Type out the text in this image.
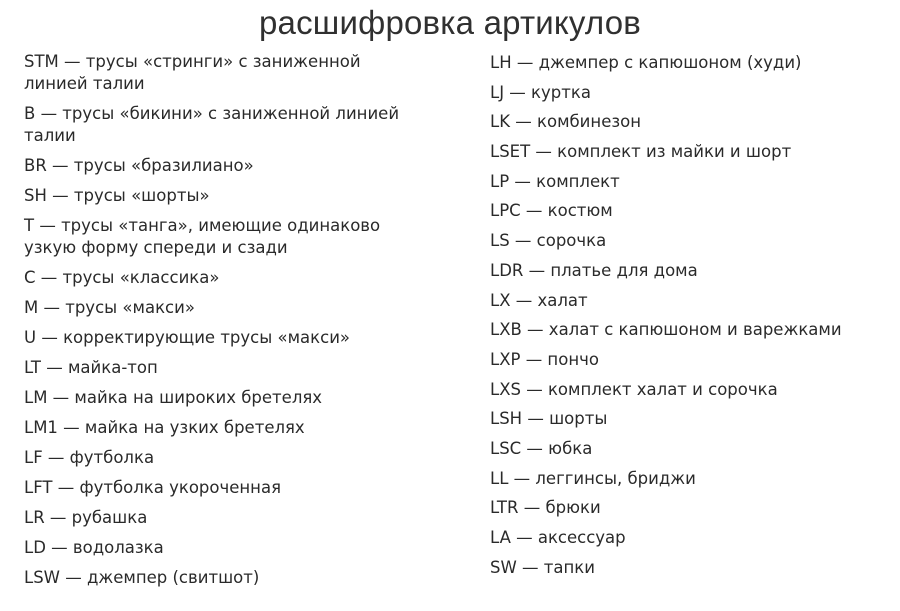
расшифровка артикулов
STM — трусы «стринги» с заниженной
линией талии
B — трусы «бикини» с заниженной линией
талии
BR — трусы «бразилиано»
SH — трусы «шорты»
T — трусы «танга», имеющие одинаково
узкую форму спереди и сзади
C — трусы «классика»
M — трусы «макси»
U — корректирующие трусы «макси»
LT — майка-топ
LM — майка на широких бретелях
LM1 — майка на узких бретелях
LF — футболка
LFT — футболка укороченная
LR — рубашка
LD — водолазка
LSW — джемпер (свитшот)
LH — джемпер с капюшоном (худи)
LJ — куртка
LK — комбинезон
LSET — комплект из майки и шорт
LP — комплект
LPC — костюм
LS — сорочка
LDR — платье для дома
LX — халат
LXB — халат с капюшоном и варежками
LXP — пончо
LXS — комплект халат и сорочка
LSH — шорты
LSC — юбка
LL — леггинсы, бриджи
LTR — брюки
LA — аксессуар
SW — тапки
